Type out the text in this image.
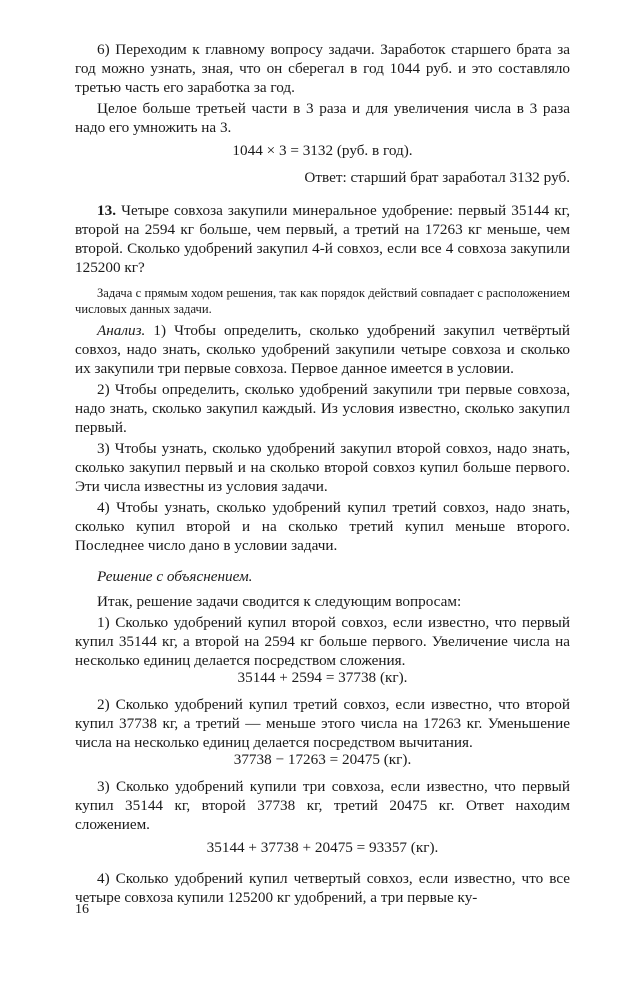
6) Переходим к главному вопросу задачи. Заработок старшего брата за год можно узнать, зная, что он сберегал в год 1044 руб. и это составляло третью часть его заработка за год.

Целое больше третьей части в 3 раза и для увеличения числа в 3 раза надо его умножить на 3.

1044 × 3 = 3132 (руб. в год).
Ответ: старший брат заработал 3132 руб.

13. Четыре совхоза закупили минеральное удобрение: первый 35144 кг, второй на 2594 кг больше, чем первый, а третий на 17263 кг меньше, чем второй. Сколько удобрений закупил 4-й совхоз, если все 4 совхоза закупили 125200 кг?

Задача с прямым ходом решения, так как порядок действий совпадает с расположением числовых данных задачи.

Анализ. 1) Чтобы определить, сколько удобрений закупил четвёртый совхоз, надо знать, сколько удобрений закупили четыре совхоза и сколько их закупили три первые совхоза. Первое данное имеется в условии.

2) Чтобы определить, сколько удобрений закупили три первые совхоза, надо знать, сколько закупил каждый. Из условия известно, сколько закупил первый.

3) Чтобы узнать, сколько удобрений закупил второй совхоз, надо знать, сколько закупил первый и на сколько второй совхоз купил больше первого. Эти числа известны из условия задачи.

4) Чтобы узнать, сколько удобрений купил третий совхоз, надо знать, сколько купил второй и на сколько третий купил меньше второго. Последнее число дано в условии задачи.

Решение с объяснением.

Итак, решение задачи сводится к следующим вопросам:

1) Сколько удобрений купил второй совхоз, если известно, что первый купил 35144 кг, а второй на 2594 кг больше первого. Увеличение числа на несколько единиц делается посредством сложения.

35144 + 2594 = 37738 (кг).

2) Сколько удобрений купил третий совхоз, если известно, что второй купил 37738 кг, а третий — меньше этого числа на 17263 кг. Уменьшение числа на несколько единиц делается посредством вычитания.

37738 − 17263 = 20475 (кг).

3) Сколько удобрений купили три совхоза, если известно, что первый купил 35144 кг, второй 37738 кг, третий 20475 кг. Ответ находим сложением.

35144 + 37738 + 20475 = 93357 (кг).

4) Сколько удобрений купил четвертый совхоз, если известно, что все четыре совхоза купили 125200 кг удобрений, а три первые ку-

16
